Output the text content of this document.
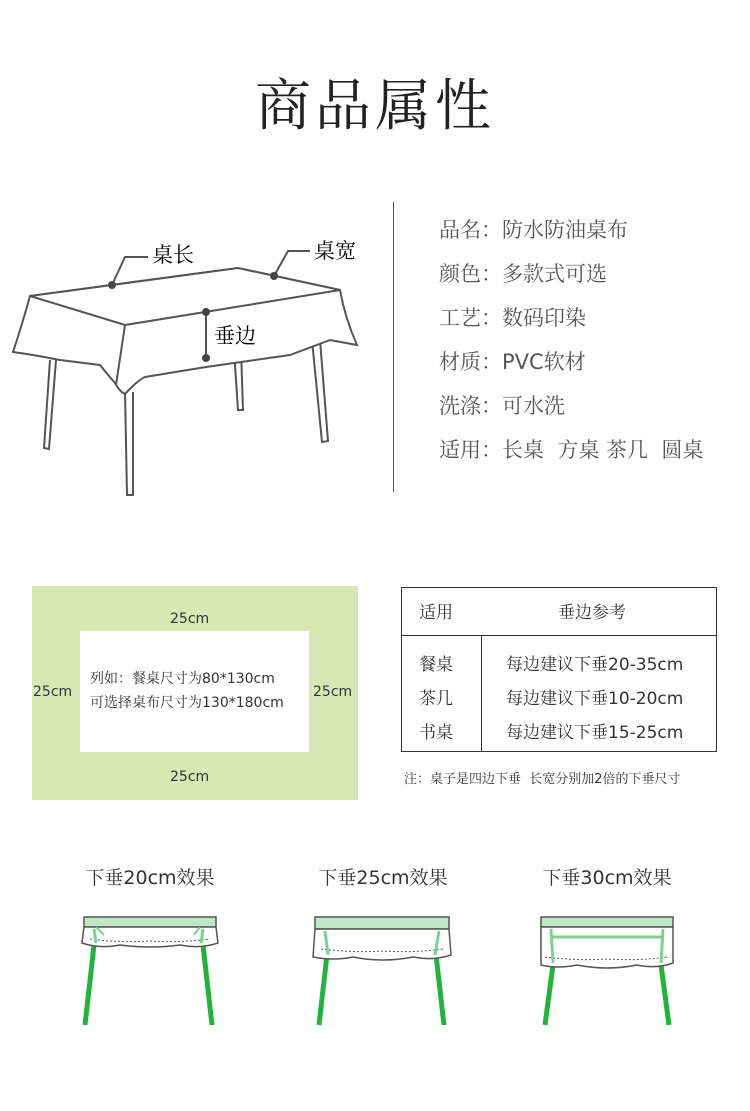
商品属性
桌长	桌宽
垂边
品名：防水防油桌布
颜色：多款式可选
工艺：数码印染
材质：PVC软材
洗涤：可水洗
适用：长桌  方桌 茶几  圆桌
25cm
25cm
25cm	25cm
列如：餐桌尺寸为80*130cm
可选择桌布尺寸为130*180cm
适用	垂边参考
餐桌	每边建议下垂20-35cm
茶几	每边建议下垂10-20cm
书桌	每边建议下垂15-25cm
注：桌子是四边下垂  长宽分别加2倍的下垂尺寸
下垂20cm效果	下垂25cm效果	下垂30cm效果
